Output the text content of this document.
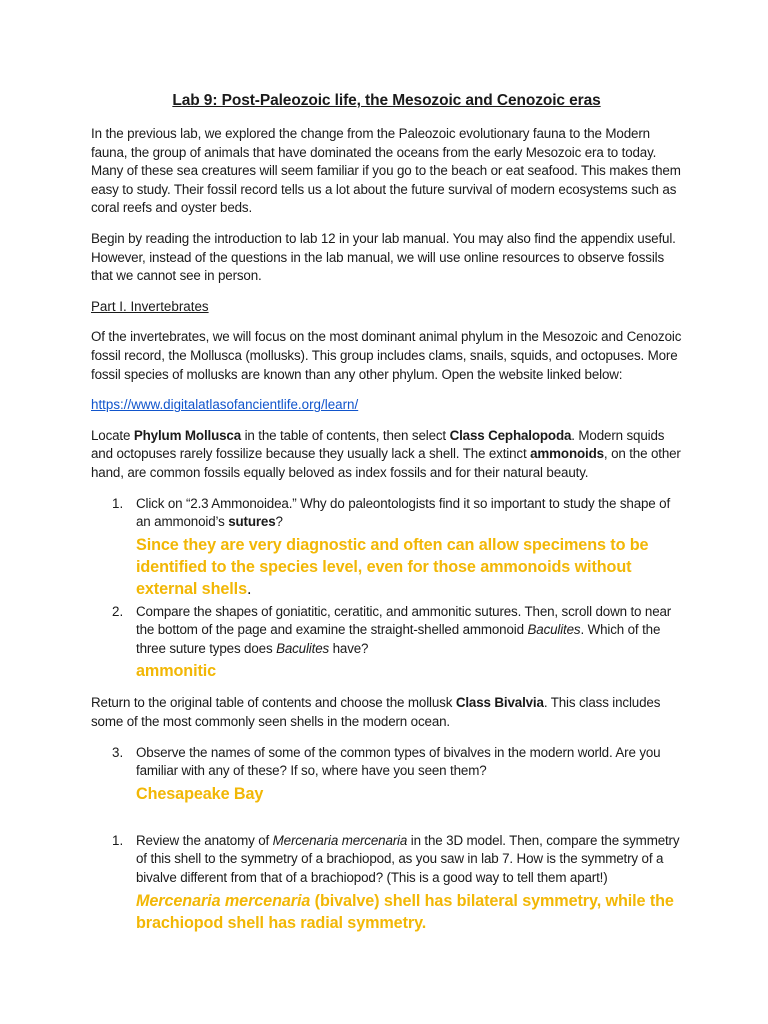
Lab 9: Post-Paleozoic life, the Mesozoic and Cenozoic eras

In the previous lab, we explored the change from the Paleozoic evolutionary fauna to the Modern fauna, the group of animals that have dominated the oceans from the early Mesozoic era to today. Many of these sea creatures will seem familiar if you go to the beach or eat seafood. This makes them easy to study. Their fossil record tells us a lot about the future survival of modern ecosystems such as coral reefs and oyster beds.

Begin by reading the introduction to lab 12 in your lab manual. You may also find the appendix useful. However, instead of the questions in the lab manual, we will use online resources to observe fossils that we cannot see in person.

Part I. Invertebrates

Of the invertebrates, we will focus on the most dominant animal phylum in the Mesozoic and Cenozoic fossil record, the Mollusca (mollusks). This group includes clams, snails, squids, and octopuses. More fossil species of mollusks are known than any other phylum. Open the website linked below:

https://www.digitalatlasofancientlife.org/learn/

Locate Phylum Mollusca in the table of contents, then select Class Cephalopoda. Modern squids and octopuses rarely fossilize because they usually lack a shell. The extinct ammonoids, on the other hand, are common fossils equally beloved as index fossils and for their natural beauty.

1. Click on “2.3 Ammonoidea.” Why do paleontologists find it so important to study the shape of an ammonoid’s sutures?
Since they are very diagnostic and often can allow specimens to be identified to the species level, even for those ammonoids without external shells.
2. Compare the shapes of goniatitic, ceratitic, and ammonitic sutures. Then, scroll down to near the bottom of the page and examine the straight-shelled ammonoid Baculites. Which of the three suture types does Baculites have?
ammonitic

Return to the original table of contents and choose the mollusk Class Bivalvia. This class includes some of the most commonly seen shells in the modern ocean.

3. Observe the names of some of the common types of bivalves in the modern world. Are you familiar with any of these? If so, where have you seen them?
Chesapeake Bay
1. Review the anatomy of Mercenaria mercenaria in the 3D model. Then, compare the symmetry of this shell to the symmetry of a brachiopod, as you saw in lab 7. How is the symmetry of a bivalve different from that of a brachiopod? (This is a good way to tell them apart!)
Mercenaria mercenaria (bivalve) shell has bilateral symmetry, while the brachiopod shell has radial symmetry.
